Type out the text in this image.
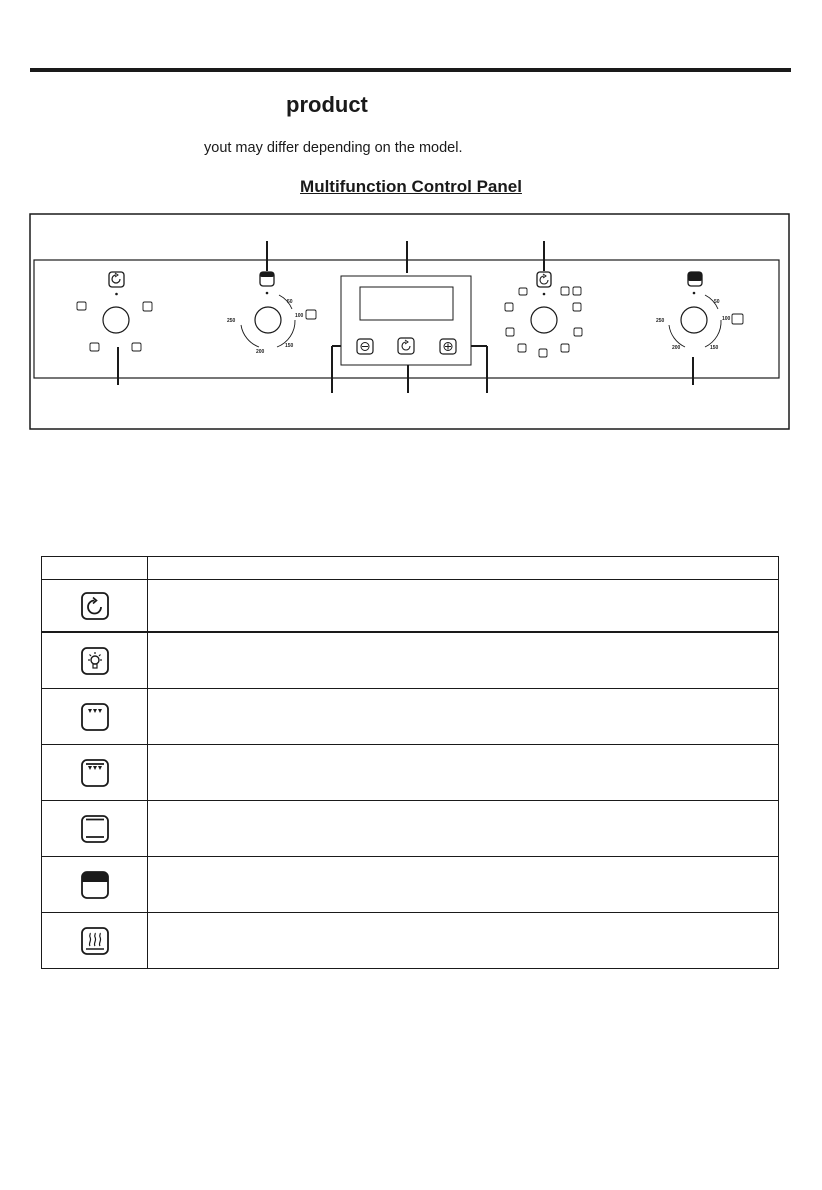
product
yout may differ depending on the model.
Multifunction Control Panel
50
100
150
200
250
50
100
150
200
250
